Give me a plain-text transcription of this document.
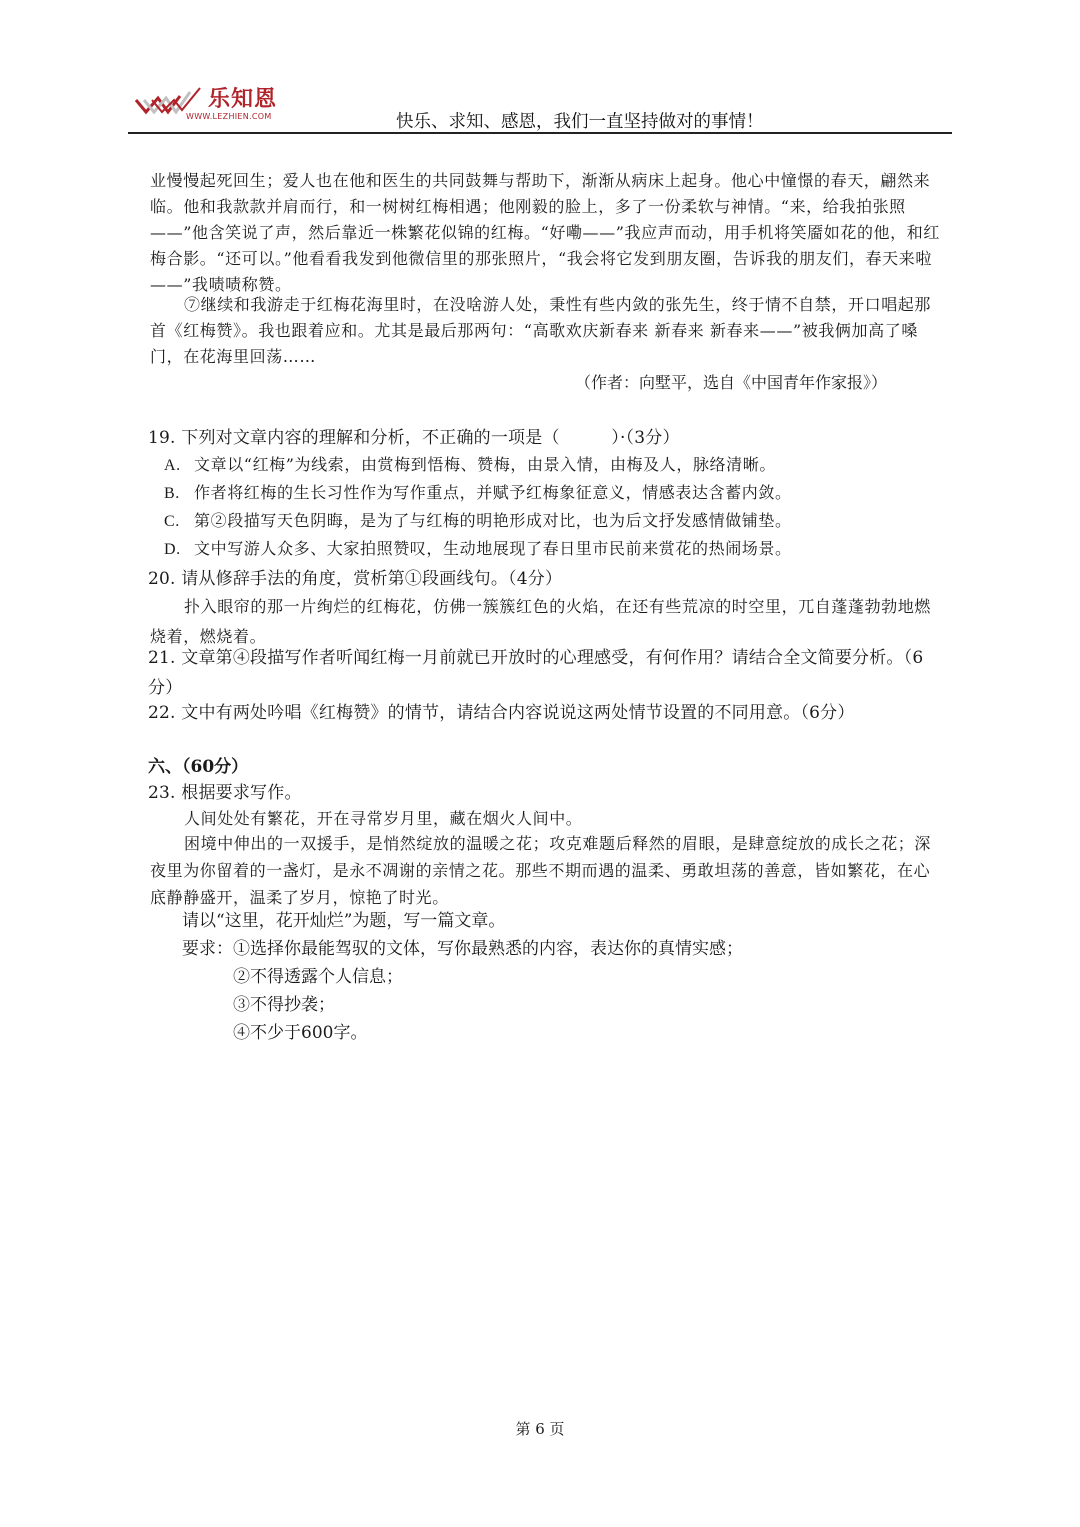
乐知恩
WWW.LEZHIEN.COM	快乐、求知、感恩，我们一直坚持做对的事情！

业慢慢起死回生；爱人也在他和医生的共同鼓舞与帮助下，渐渐从病床上起身。他心中憧憬的春天，翩然来临。他和我款款并肩而行，和一树树红梅相遇；他刚毅的脸上，多了一份柔软与神情。“来，给我拍张照——”他含笑说了声，然后靠近一株繁花似锦的红梅。“好嘞——”我应声而动，用手机将笑靥如花的他，和红梅合影。“还可以。”他看看我发到他微信里的那张照片，“我会将它发到朋友圈，告诉我的朋友们，春天来啦——”我啧啧称赞。

⑦继续和我游走于红梅花海里时，在没啥游人处，秉性有些内敛的张先生，终于情不自禁，开口唱起那首《红梅赞》。我也跟着应和。尤其是最后那两句：“高歌欢庆新春来 新春来 新春来——”被我俩加高了嗓门，在花海里回荡……

（作者：向墅平，选自《中国青年作家报》）

19. 下列对文章内容的理解和分析，不正确的一项是（　　　）·（3分）

A. 文章以“红梅”为线索，由赏梅到悟梅、赞梅，由景入情，由梅及人，脉络清晰。

B. 作者将红梅的生长习性作为写作重点，并赋予红梅象征意义，情感表达含蓄内敛。

C. 第②段描写天色阴晦，是为了与红梅的明艳形成对比，也为后文抒发感情做铺垫。

D. 文中写游人众多、大家拍照赞叹，生动地展现了春日里市民前来赏花的热闹场景。

20. 请从修辞手法的角度，赏析第①段画线句。（4分）

扑入眼帘的那一片绚烂的红梅花，仿佛一簇簇红色的火焰，在还有些荒凉的时空里，兀自蓬蓬勃勃地燃烧着，燃烧着。

21. 文章第④段描写作者听闻红梅一月前就已开放时的心理感受，有何作用？请结合全文简要分析。（6分）

22. 文中有两处吟唱《红梅赞》的情节，请结合内容说说这两处情节设置的不同用意。（6分）

六、（60分）

23. 根据要求写作。

人间处处有繁花，开在寻常岁月里，藏在烟火人间中。

困境中伸出的一双援手，是悄然绽放的温暖之花；攻克难题后释然的眉眼，是肆意绽放的成长之花；深夜里为你留着的一盏灯，是永不凋谢的亲情之花。那些不期而遇的温柔、勇敢坦荡的善意，皆如繁花，在心底静静盛开，温柔了岁月，惊艳了时光。

请以“这里，花开灿烂”为题，写一篇文章。
要求： ①选择你最能驾驭的文体，写你最熟悉的内容，表达你的真情实感；
②不得透露个人信息；
③不得抄袭；
④不少于600字。
第 6 页
